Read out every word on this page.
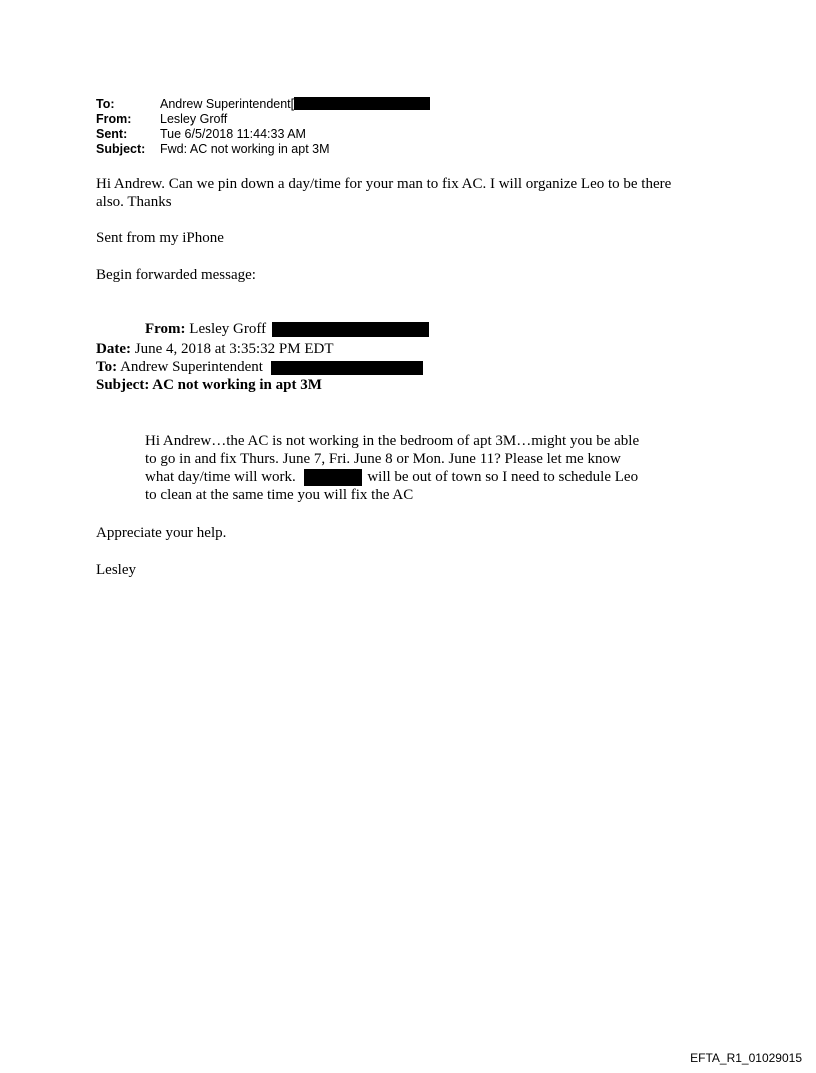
To:	Andrew Superintendent[
From:	Lesley Groff
Sent:	Tue 6/5/2018 11:44:33 AM
Subject:	Fwd: AC not working in apt 3M
Hi Andrew. Can we pin down a day/time for your man to fix AC. I will organize Leo to be there
also. Thanks
Sent from my iPhone
Begin forwarded message:
From: Lesley Groff
Date: June 4, 2018 at 3:35:32 PM EDT
To: Andrew Superintendent
Subject: AC not working in apt 3M
Hi Andrew…the AC is not working in the bedroom of apt 3M…might you be able
to go in and fix Thurs. June 7, Fri. June 8 or Mon. June 11? Please let me know
what day/time will work.	will be out of town so I need to schedule Leo
to clean at the same time you will fix the AC
Appreciate your help.
Lesley
EFTA_R1_01029015
